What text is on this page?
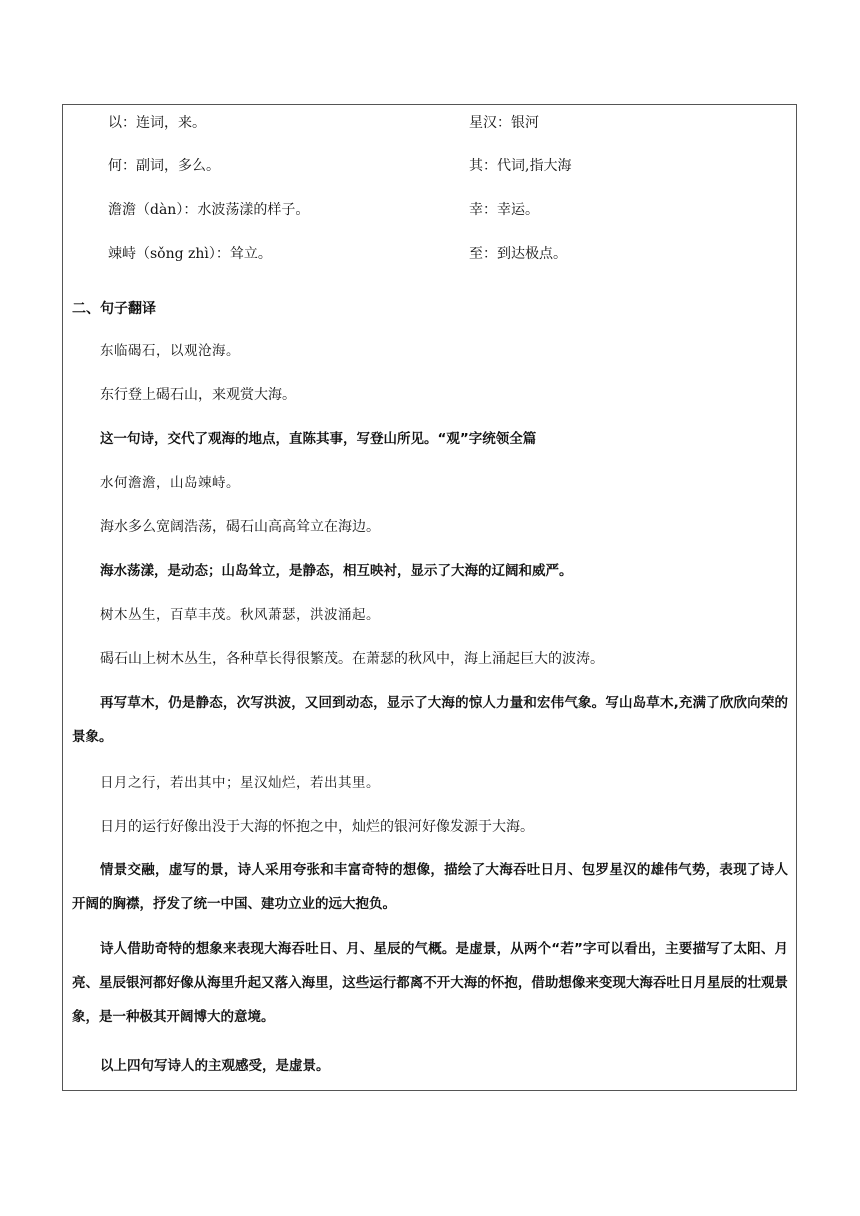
以：连词，来。	星汉：银河
何：副词，多么。	其：代词,指大海
澹澹（dàn）：水波荡漾的样子。	幸：幸运。
竦峙（sǒng zhì）：耸立。	至：到达极点。
二、句子翻译
东临碣石，以观沧海。
东行登上碣石山，来观赏大海。
这一句诗，交代了观海的地点，直陈其事，写登山所见。“观”字统领全篇
水何澹澹，山岛竦峙。
海水多么宽阔浩荡，碣石山高高耸立在海边。
海水荡漾，是动态；山岛耸立，是静态，相互映衬，显示了大海的辽阔和威严。
树木丛生，百草丰茂。秋风萧瑟，洪波涌起。
碣石山上树木丛生，各种草长得很繁茂。在萧瑟的秋风中，海上涌起巨大的波涛。
再写草木，仍是静态，次写洪波，又回到动态，显示了大海的惊人力量和宏伟气象。写山岛草木,充满了欣欣向荣的景象。
日月之行，若出其中；星汉灿烂，若出其里。
日月的运行好像出没于大海的怀抱之中，灿烂的银河好像发源于大海。
情景交融，虚写的景，诗人采用夸张和丰富奇特的想像，描绘了大海吞吐日月、包罗星汉的雄伟气势，表现了诗人开阔的胸襟，抒发了统一中国、建功立业的远大抱负。
诗人借助奇特的想象来表现大海吞吐日、月、星辰的气概。是虚景，从两个“若”字可以看出，主要描写了太阳、月亮、星辰银河都好像从海里升起又落入海里，这些运行都离不开大海的怀抱，借助想像来变现大海吞吐日月星辰的壮观景象，是一种极其开阔博大的意境。
以上四句写诗人的主观感受，是虚景。
